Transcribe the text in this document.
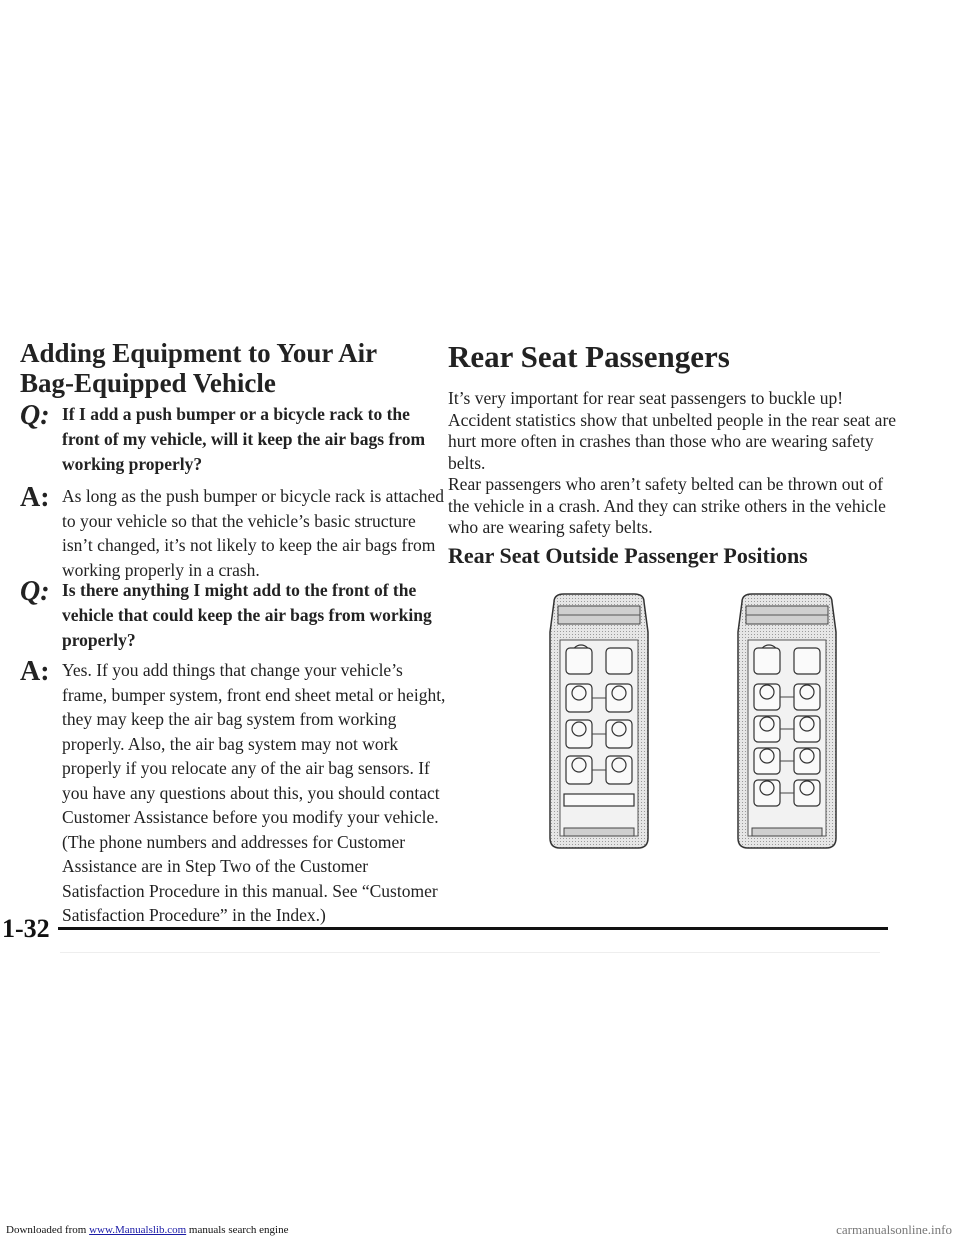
Adding Equipment to Your Air
Bag-Equipped Vehicle
Q: If I add a push bumper or a bicycle rack to the front of my vehicle, will it keep the air bags from working properly?
A: As long as the push bumper or bicycle rack is attached to your vehicle so that the vehicle’s basic structure isn’t changed, it’s not likely to keep the air bags from working properly in a crash.
Q: Is there anything I might add to the front of the vehicle that could keep the air bags from working properly?
A: Yes. If you add things that change your vehicle’s frame, bumper system, front end sheet metal or height, they may keep the air bag system from working properly. Also, the air bag system may not work properly if you relocate any of the air bag sensors. If you have any questions about this, you should contact Customer Assistance before you modify your vehicle. (The phone numbers and addresses for Customer Assistance are in Step Two of the Customer Satisfaction Procedure in this manual. See “Customer Satisfaction Procedure” in the Index.)
Rear Seat Passengers
It’s very important for rear seat passengers to buckle up! Accident statistics show that unbelted people in the rear seat are hurt more often in crashes than those who are wearing safety belts.
Rear passengers who aren’t safety belted can be thrown out of the vehicle in a crash. And they can strike others in the vehicle who are wearing safety belts.
Rear Seat Outside Passenger Positions
1-32
Downloaded from www.Manualslib.com manuals search engine	carmanualsonline.info
